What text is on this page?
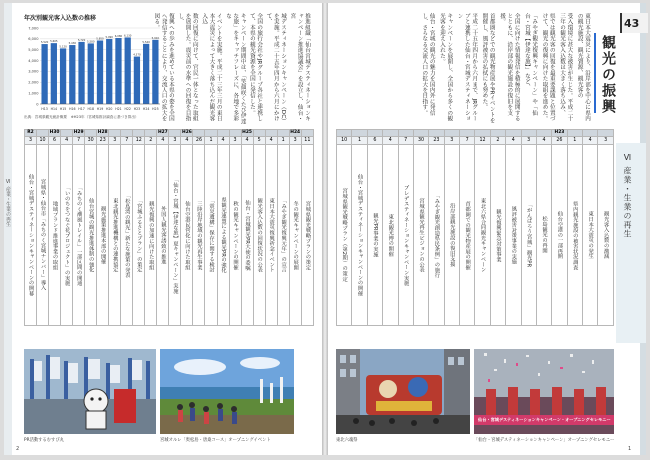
Ⅵ 産業・生業の再生
年次別観光客入込数の推移
0
1,000
2,000
3,000
4,000
5,000
6,000
7,000
5,520
H13
5,605
H14
5,120
H15
5,430
H16
5,720
H17
5,580
H18
5,850
H19
5,990
H20
6,080
H21
6,130
H22
4,370
H23
5,540
H24
5,910
H25
出典：宮城県観光統計概要　※H23年（宮城県推計調査に基づき算出）	推進組織「仙台宮城デスティネーションキャンペーン推進協議会」を設立し、仙台・宮
城デスティネーションキャンペーン（DC）を実施。平成二十五年四月から六月にかけて、
全国の旅行会社やJRグループ各社と連携して、本県の観光資源を全国に発信した。
キャンペーン期間中は、「笑顔咲くたび伊達な旅」をキャッチフレーズに、各地で多彩な
イベントを実施。平成二十三年三月の東日本大震災によって大きく落ち込んだ観光客入込
数の回復に向けて、官民一体となった取組を展開した。震災前の水準への回復を目指し、
復興への歩みを進めている本県の姿を全国へ発信することにより、交流人口の拡大を図る。
R2		H30		H29		H28					H27		H26					H25				H24	
3	10	6	4	7	30	23	3	7	12	2	4	3	4	26	1	4	3	4	5	4	1	3	11

仙台・宮城デスティネーションキャンペーンの開幕	宮城県・仙台市「みちのく宮城ナンバー」導入	地域ブランド推進事業の取組	「いのちをつなぐ花プロジェクト」の実施	「みちのく潮風トレイル」一部区間の開通	仙台宮城の観光推進体制の強化	観光施策推進本部の開催	東北観光推進機構との連携協定	「松島湾の観光」新たな施策の発表	「宮城ふるさとプラン」の策定	観光復興の加速に向けた取組	外国人観光客誘致の推進	「仙台・宮城【伊達な旅】夏キャンペーン」実施	仙台空港民営化に向けた取組	三陸沿岸地域の観光再生事業	「震災遺構」保存に関する検討	県観光連盟による観光PRの強化	秋の観光キャンペーンの開催	仙台・宮城観光PR大使の委嘱	観光客入込数の回復状況の公表	東日本大震災復興祈念イベント	「みやぎ観光復興元年」の宣言	冬の観光キャンペーンの展開	宮城県観光戦略プランの策定
PR活動するむすび丸	宮城オルレ「奥松島・唐桑コース」オープニングイベント
2
43
観光の振興
Ⅵ 産業・生業の再生
東日本大震災により、沿岸部を中心に県内の観光施設、観光資源、観光客の
受入環境に甚大な被害が生じた。平成二十三年の観光客入込数は大きく落ち込み、
県では観光客の回復を最重要課題と位置づけて、観光の復興に向けた取組を進めた。
「みやぎ観光復興キャンペーン」や「仙台・宮城【伊達な旅】」など、
全国に向けた情報発信を積極的に展開するとともに、沿岸部の観光施設の復旧を支援。
首都圏などでの観光物産展やPRイベントを開催し、風評被害の払拭にも努めた。
平成二十五年四月から六月まで、JRグループと連携した仙台・宮城デスティネーション
キャンペーンを展開し、全国から多くの観光客を迎え入れた。
仙台・宮城の観光の魅力を国内外に発信し、さらなる交流人口の拡大を目指す。
														H23			
10	1	6	4	7	30	23	3	7	12	2	4	3	4	26	1	4	3

宮城県観光戦略プラン（第2期）の策定	仙台・宮城デスティネーションキャンペーンの開催	観光PR事業の実施	東北観光博の開催	プレデスティネーションキャンペーン実施	宮城県観光再生ビジョンの公表	「みやぎ観光創造県民条例」の施行	沿岸部観光施設の復旧支援	首都圏での観光物産展の開催	東北六県合同観光キャンペーン	観光復興緊急対策事業	風評被害対策事業の実施	「がんばろう宮城」観光PR	松島観光の再開	仙台空港の一部再開	県内観光施設の被害状況調査	東日本大震災の発生	観光客入込数の激減
東北六魂祭
仙台・宮城デスティネーションキャンペーン・オープニングセレモニー
「仙台・宮城デスティネーションキャンペーン」オープニングセレモニー
1
